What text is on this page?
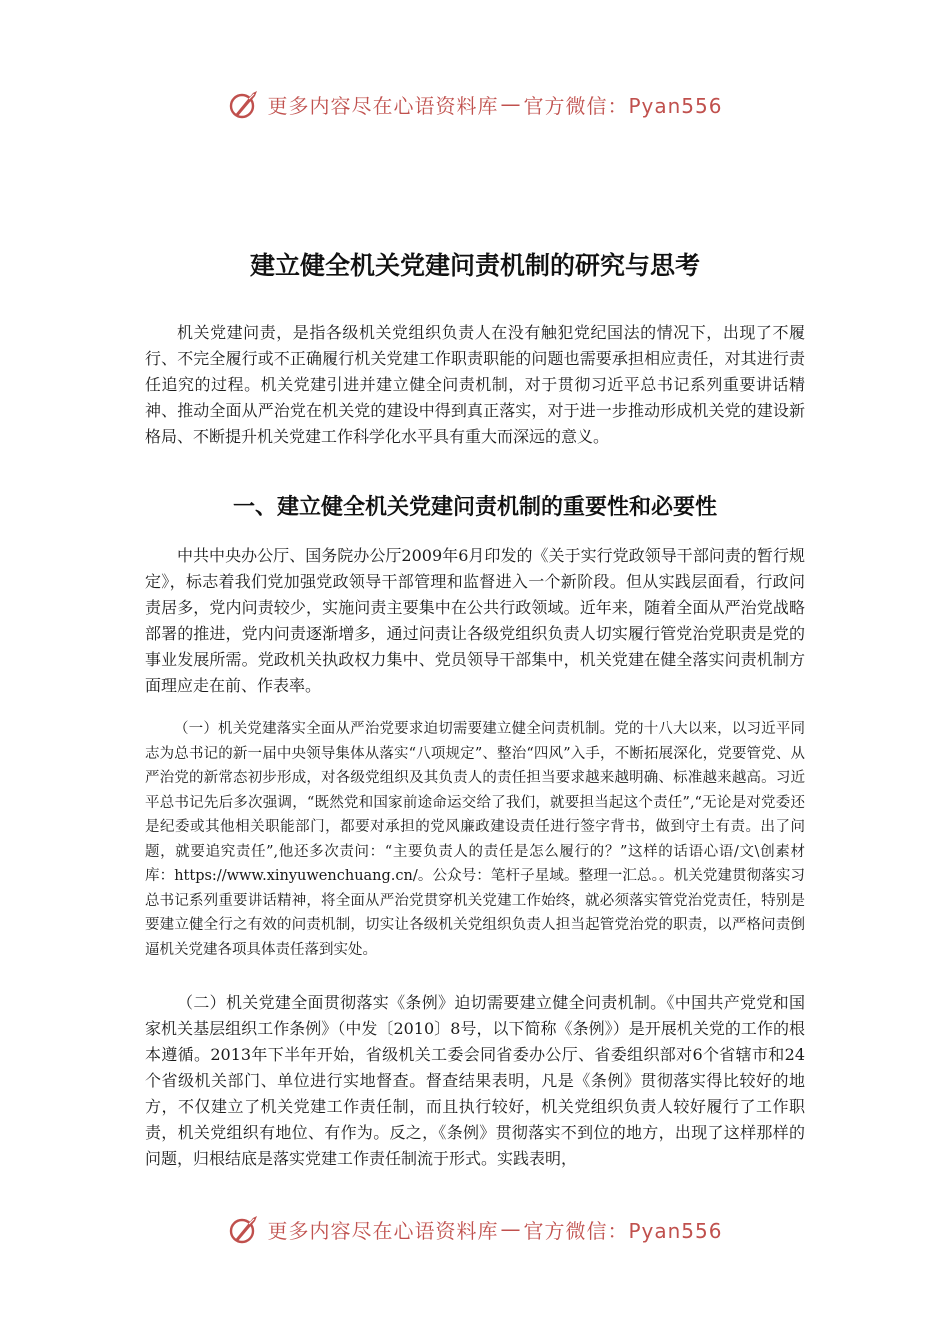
更多内容尽在心语资料库 — 官方微信：Pyan556
建立健全机关党建问责机制的研究与思考

机关党建问责，是指各级机关党组织负责人在没有触犯党纪国法的情况下，出现了不履行、不完全履行或不正确履行机关党建工作职责职能的问题也需要承担相应责任，对其进行责任追究的过程。机关党建引进并建立健全问责机制，对于贯彻习近平总书记系列重要讲话精神、推动全面从严治党在机关党的建设中得到真正落实，对于进一步推动形成机关党的建设新格局、不断提升机关党建工作科学化水平具有重大而深远的意义。

一、建立健全机关党建问责机制的重要性和必要性

中共中央办公厅、国务院办公厅2009年6月印发的《关于实行党政领导干部问责的暂行规定》，标志着我们党加强党政领导干部管理和监督进入一个新阶段。但从实践层面看，行政问责居多，党内问责较少，实施问责主要集中在公共行政领域。近年来，随着全面从严治党战略部署的推进，党内问责逐渐增多，通过问责让各级党组织负责人切实履行管党治党职责是党的事业发展所需。党政机关执政权力集中、党员领导干部集中，机关党建在健全落实问责机制方面理应走在前、作表率。

（一）机关党建落实全面从严治党要求迫切需要建立健全问责机制。党的十八大以来，以习近平同志为总书记的新一届中央领导集体从落实“八项规定”、整治“四风”入手，不断拓展深化，党要管党、从严治党的新常态初步形成，对各级党组织及其负责人的责任担当要求越来越明确、标准越来越高。习近平总书记先后多次强调，“既然党和国家前途命运交给了我们，就要担当起这个责任”,“无论是对党委还是纪委或其他相关职能部门，都要对承担的党风廉政建设责任进行签字背书，做到守土有责。出了问题，就要追究责任”,他还多次责问：“主要负责人的责任是怎么履行的？”这样的话语心语/文\创素材库：https://www.xinyuwenchuang.cn/。公众号：笔杆子星域。整理一汇总。。机关党建贯彻落实习总书记系列重要讲话精神，将全面从严治党贯穿机关党建工作始终，就必须落实管党治党责任，特别是要建立健全行之有效的问责机制，切实让各级机关党组织负责人担当起管党治党的职责，以严格问责倒逼机关党建各项具体责任落到实处。

（二）机关党建全面贯彻落实《条例》迫切需要建立健全问责机制。《中国共产党党和国家机关基层组织工作条例》（中发〔2010〕8号，以下简称《条例》）是开展机关党的工作的根本遵循。2013年下半年开始，省级机关工委会同省委办公厅、省委组织部对6个省辖市和24个省级机关部门、单位进行实地督查。督查结果表明，凡是《条例》贯彻落实得比较好的地方，不仅建立了机关党建工作责任制，而且执行较好，机关党组织负责人较好履行了工作职责，机关党组织有地位、有作为。反之，《条例》贯彻落实不到位的地方，出现了这样那样的问题，归根结底是落实党建工作责任制流于形式。实践表明，

更多内容尽在心语资料库 — 官方微信：Pyan556
